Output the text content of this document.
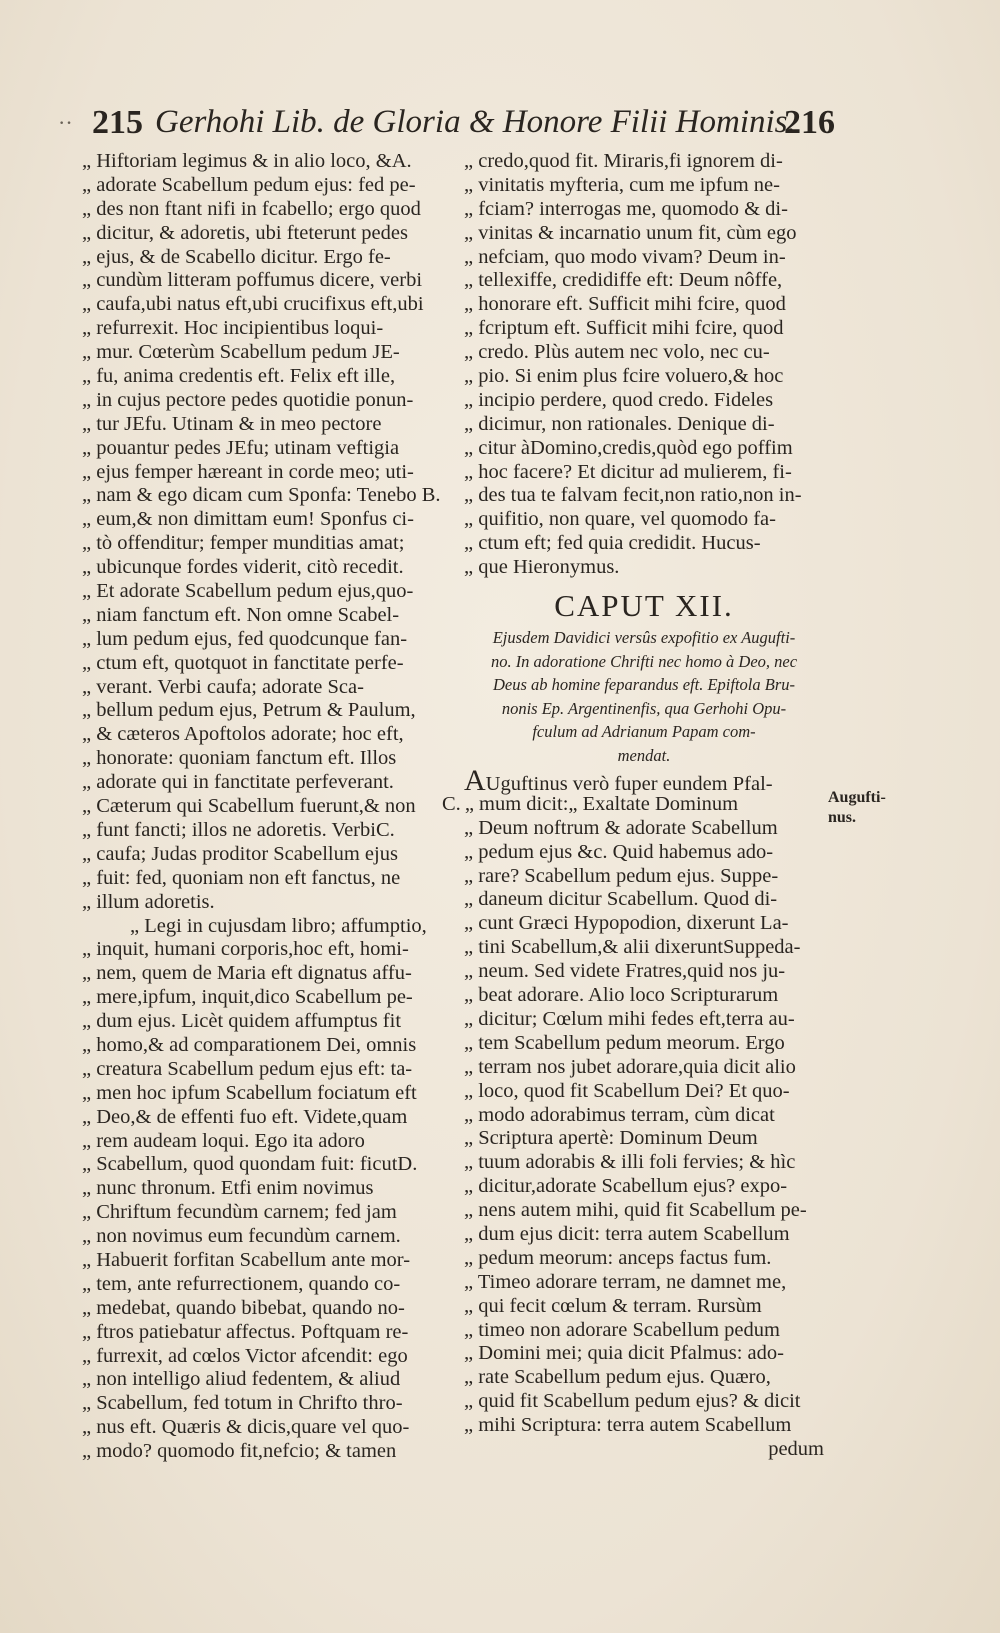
·· 215 Gerhohi Lib. de Gloria & Honore Filii Hominis.
216
„ Hiftoriam legimus & in alio loco, &A.
„ adorate Scabellum pedum ejus: fed pe-
„ des non ftant nifi in fcabello; ergo quod
„ dicitur, & adoretis, ubi fteterunt pedes
„ ejus, & de Scabello dicitur. Ergo fe-
„ cundùm litteram poffumus dicere, verbi
„ caufa,ubi natus eft,ubi crucifixus eft,ubi
„ refurrexit. Hoc incipientibus loqui-
„ mur. Cœterùm Scabellum pedum JE-
„ fu, anima credentis eft. Felix eft ille,
„ in cujus pectore pedes quotidie ponun-
„ tur JEfu. Utinam & in meo pectore
„ pouantur pedes JEfu; utinam veftigia
„ ejus femper hæreant in corde meo; uti-
„ nam & ego dicam cum Sponfa: Tenebo B.
„ eum,& non dimittam eum! Sponfus ci-
„ tò offenditur; femper munditias amat;
„ ubicunque fordes viderit, citò recedit.
„ Et adorate Scabellum pedum ejus,quo-
„ niam fanctum eft. Non omne Scabel-
„ lum pedum ejus, fed quodcunque fan-
„ ctum eft, quotquot in fanctitate perfe-
„ verant. Verbi caufa; adorate Sca-
„ bellum pedum ejus, Petrum & Paulum,
„ & cæteros Apoftolos adorate; hoc eft,
„ honorate: quoniam fanctum eft. Illos
„ adorate qui in fanctitate perfeverant.
„ Cæterum qui Scabellum fuerunt,& non
„ funt fancti; illos ne adoretis. VerbiC.
„ caufa; Judas proditor Scabellum ejus
„ fuit: fed, quoniam non eft fanctus, ne
„ illum adoretis.
„ Legi in cujusdam libro; affumptio,
„ inquit, humani corporis,hoc eft, homi-
„ nem, quem de Maria eft dignatus affu-
„ mere,ipfum, inquit,dico Scabellum pe-
„ dum ejus. Licèt quidem affumptus fit
„ homo,& ad comparationem Dei, omnis
„ creatura Scabellum pedum ejus eft: ta-
„ men hoc ipfum Scabellum fociatum eft
„ Deo,& de effenti fuo eft. Videte,quam
„ rem audeam loqui. Ego ita adoro
„ Scabellum, quod quondam fuit: ficutD.
„ nunc thronum. Etfi enim novimus
„ Chriftum fecundùm carnem; fed jam
„ non novimus eum fecundùm carnem.
„ Habuerit forfitan Scabellum ante mor-
„ tem, ante refurrectionem, quando co-
„ medebat, quando bibebat, quando no-
„ ftros patiebatur affectus. Poftquam re-
„ furrexit, ad cœlos Victor afcendit: ego
„ non intelligo aliud fedentem, & aliud
„ Scabellum, fed totum in Chrifto thro-
„ nus eft. Quæris & dicis,quare vel quo-
„ modo? quomodo fit,nefcio; & tamen
„ credo,quod fit. Miraris,fi ignorem di-
„ vinitatis myfteria, cum me ipfum ne-
„ fciam? interrogas me, quomodo & di-
„ vinitas & incarnatio unum fit, cùm ego
„ nefciam, quo modo vivam? Deum in-
„ tellexiffe, credidiffe eft: Deum nôffe,
„ honorare eft. Sufficit mihi fcire, quod
„ fcriptum eft. Sufficit mihi fcire, quod
„ credo. Plùs autem nec volo, nec cu-
„ pio. Si enim plus fcire voluero,& hoc
„ incipio perdere, quod credo. Fideles
„ dicimur, non rationales. Denique di-
„ citur àDomino,credis,quòd ego poffim
„ hoc facere? Et dicitur ad mulierem, fi-
„ des tua te falvam fecit,non ratio,non in-
„ quifitio, non quare, vel quomodo fa-
„ ctum eft; fed quia credidit. Hucus-
„ que Hieronymus.
CAPUT XII.
Ejusdem Davidici versûs expofitio ex Augufti-
no. In adoratione Chrifti nec homo à Deo, nec
Deus ab homine feparandus eft. Epiftola Bru-
nonis Ep. Argentinenfis, qua Gerhohi Opu-
fculum ad Adrianum Papam com-
mendat.
AUguftinus verò fuper eundem Pfal-
C. „ mum dicit:„ Exaltate Dominum
„ Deum noftrum & adorate Scabellum
„ pedum ejus &c. Quid habemus ado-
„ rare? Scabellum pedum ejus. Suppe-
„ daneum dicitur Scabellum. Quod di-
„ cunt Græci Hypopodion, dixerunt La-
„ tini Scabellum,& alii dixeruntSuppeda-
„ neum. Sed videte Fratres,quid nos ju-
„ beat adorare. Alio loco Scripturarum
„ dicitur; Cœlum mihi fedes eft,terra au-
„ tem Scabellum pedum meorum. Ergo
„ terram nos jubet adorare,quia dicit alio
„ loco, quod fit Scabellum Dei? Et quo-
„ modo adorabimus terram, cùm dicat
„ Scriptura apertè: Dominum Deum
„ tuum adorabis & illi foli fervies; & hìc
„ dicitur,adorate Scabellum ejus? expo-
„ nens autem mihi, quid fit Scabellum pe-
„ dum ejus dicit: terra autem Scabellum
„ pedum meorum: anceps factus fum.
„ Timeo adorare terram, ne damnet me,
„ qui fecit cœlum & terram. Rursùm
„ timeo non adorare Scabellum pedum
„ Domini mei; quia dicit Pfalmus: ado-
„ rate Scabellum pedum ejus. Quæro,
„ quid fit Scabellum pedum ejus? & dicit
„ mihi Scriptura: terra autem Scabellum
pedum
Augufti-
nus.
